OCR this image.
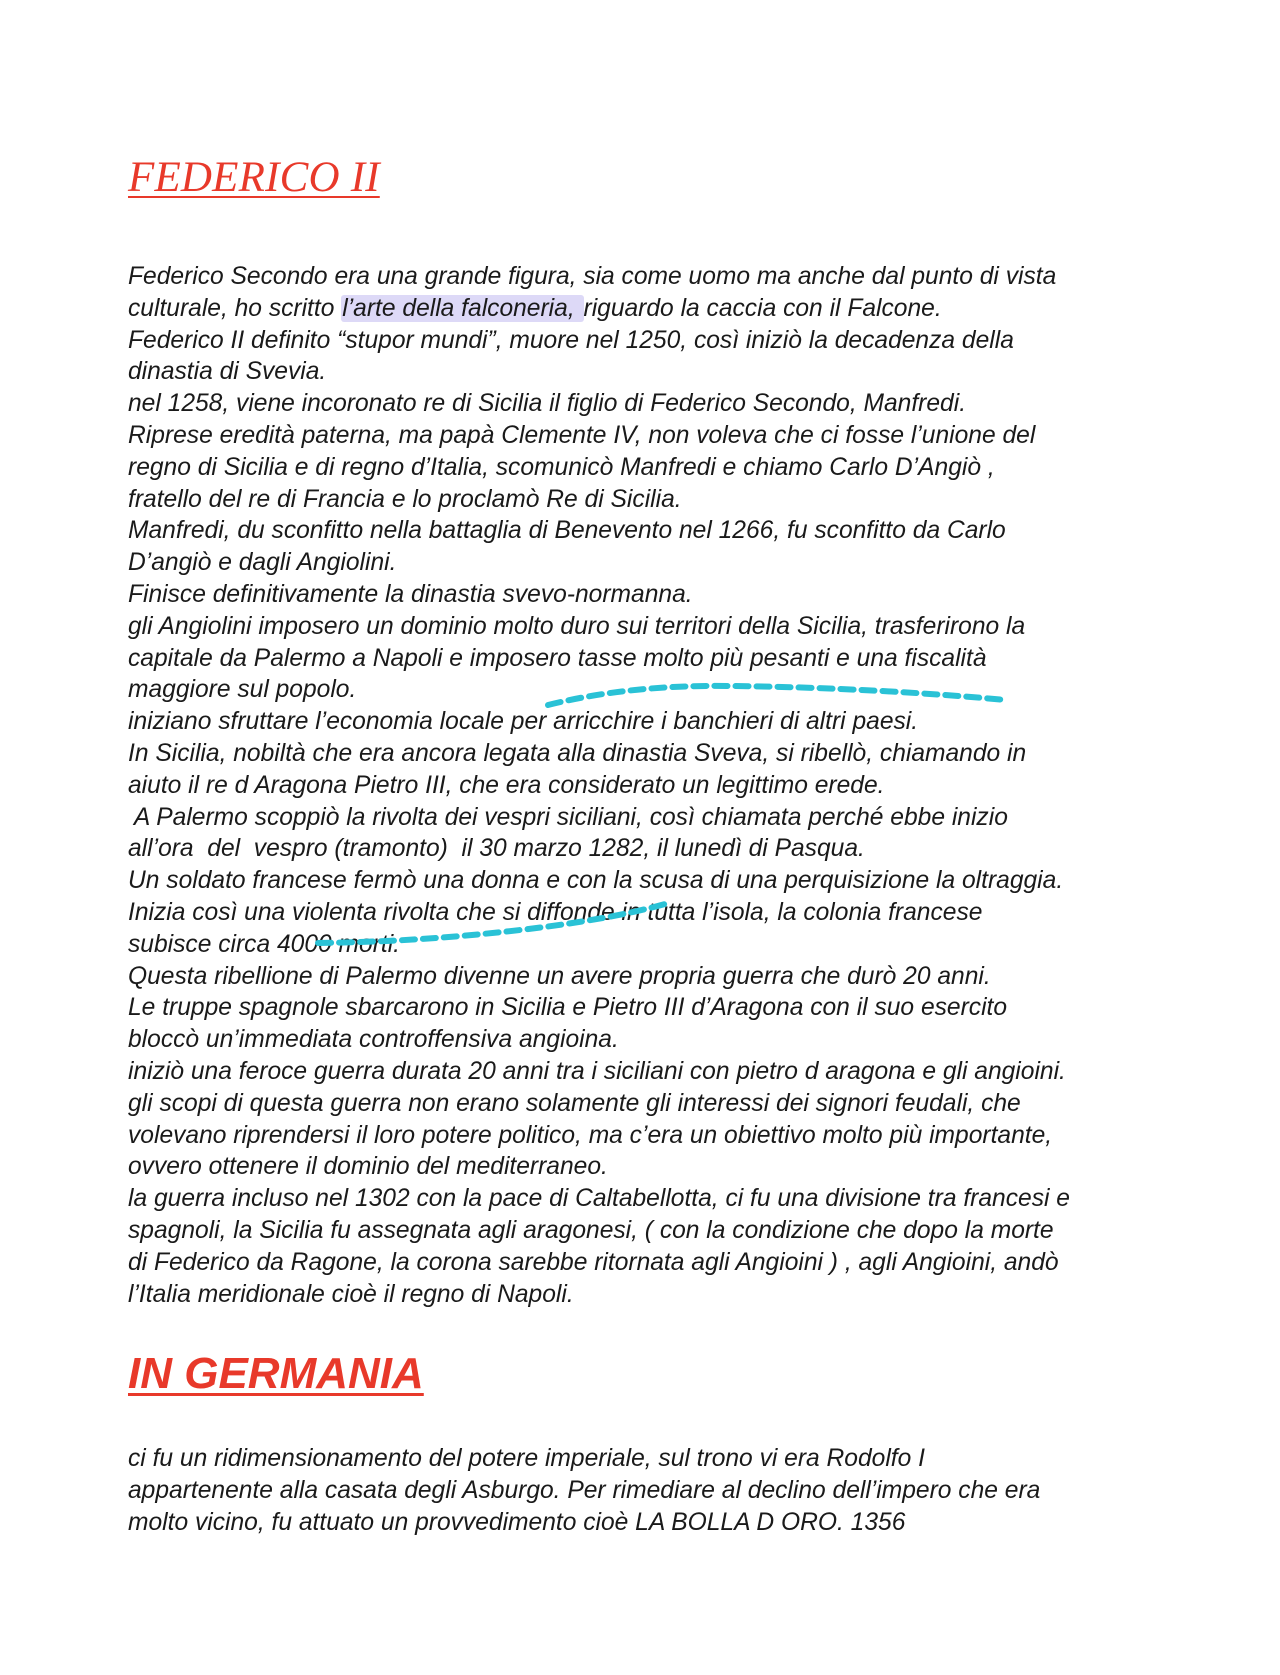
FEDERICO II

Federico Secondo era una grande figura, sia come uomo ma anche dal punto di vista
culturale, ho scritto l’arte della falconeria, riguardo la caccia con il Falcone.
Federico II definito “stupor mundi”, muore nel 1250, così iniziò la decadenza della
dinastia di Svevia.
nel 1258, viene incoronato re di Sicilia il figlio di Federico Secondo, Manfredi.
Riprese eredità paterna, ma papà Clemente IV, non voleva che ci fosse l’unione del
regno di Sicilia e di regno d’Italia, scomunicò Manfredi e chiamo Carlo D’Angiò ,
fratello del re di Francia e lo proclamò Re di Sicilia.
Manfredi, du sconfitto nella battaglia di Benevento nel 1266, fu sconfitto da Carlo
D’angiò e dagli Angiolini.
Finisce definitivamente la dinastia svevo-normanna.
gli Angiolini imposero un dominio molto duro sui territori della Sicilia, trasferirono la
capitale da Palermo a Napoli e imposero tasse molto più pesanti e una fiscalità
maggiore sul popolo.
iniziano sfruttare l’economia locale per arricchire i banchieri di altri paesi.
In Sicilia, nobiltà che era ancora legata alla dinastia Sveva, si ribellò, chiamando in
aiuto il re d Aragona Pietro III, che era considerato un legittimo erede.
A Palermo scoppiò la rivolta dei vespri siciliani, così chiamata perché ebbe inizio
all’ora  del  vespro (tramonto)  il 30 marzo 1282, il lunedì di Pasqua.
Un soldato francese fermò una donna e con la scusa di una perquisizione la oltraggia.
Inizia così una violenta rivolta che si diffonde in tutta l’isola, la colonia francese
subisce circa 4000 morti.
Questa ribellione di Palermo divenne un avere propria guerra che durò 20 anni.
Le truppe spagnole sbarcarono in Sicilia e Pietro III d’Aragona con il suo esercito
bloccò un’immediata controffensiva angioina.
iniziò una feroce guerra durata 20 anni tra i siciliani con pietro d aragona e gli angioini.
gli scopi di questa guerra non erano solamente gli interessi dei signori feudali, che
volevano riprendersi il loro potere politico, ma c’era un obiettivo molto più importante,
ovvero ottenere il dominio del mediterraneo.
la guerra incluso nel 1302 con la pace di Caltabellotta, ci fu una divisione tra francesi e
spagnoli, la Sicilia fu assegnata agli aragonesi, ( con la condizione che dopo la morte
di Federico da Ragone, la corona sarebbe ritornata agli Angioini ) , agli Angioini, andò
l’Italia meridionale cioè il regno di Napoli.

IN GERMANIA

ci fu un ridimensionamento del potere imperiale, sul trono vi era Rodolfo I
appartenente alla casata degli Asburgo. Per rimediare al declino dell’impero che era
molto vicino, fu attuato un provvedimento cioè LA BOLLA D ORO. 1356
